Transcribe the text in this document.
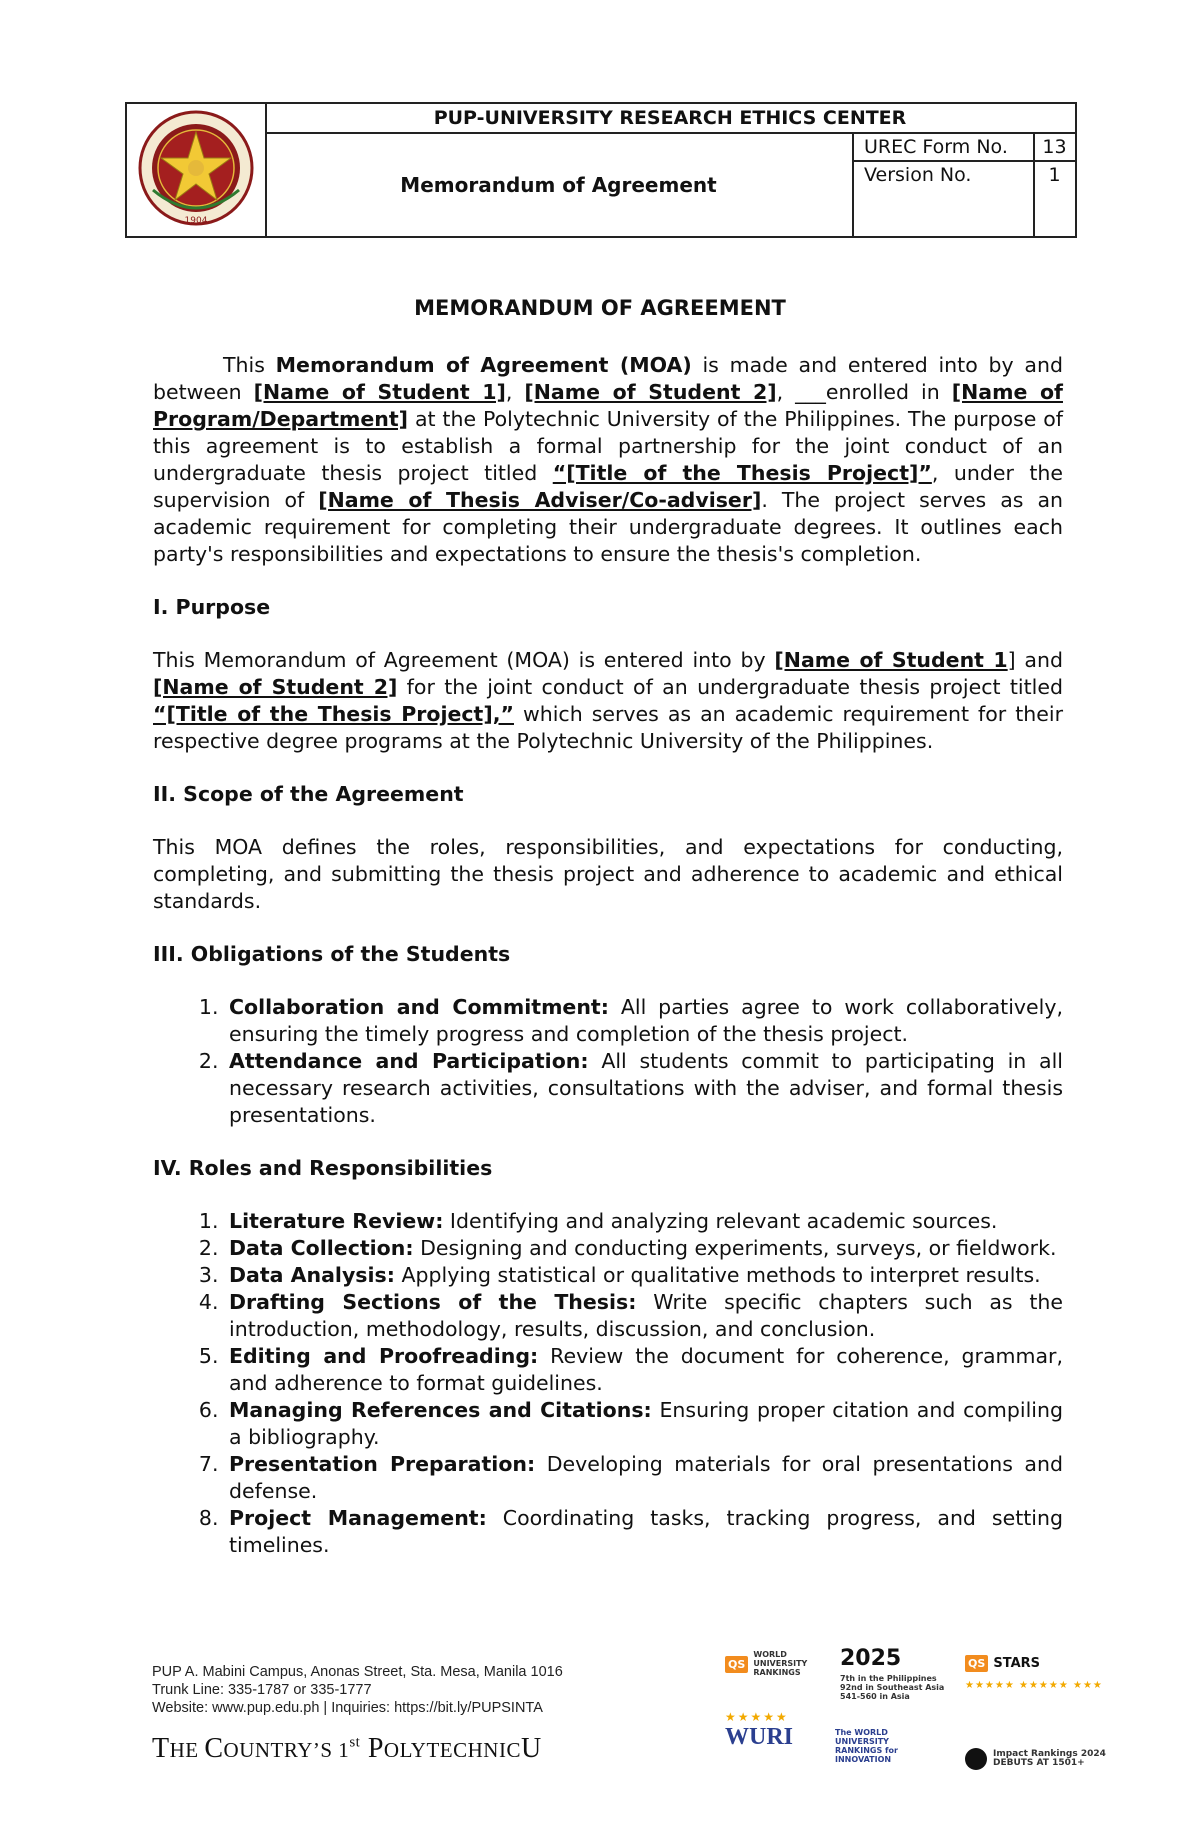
1904
PUP-UNIVERSITY RESEARCH ETHICS CENTER
Memorandum of Agreement
UREC Form No.	13
Version No.	1
MEMORANDUM OF AGREEMENT

This Memorandum of Agreement (MOA) is made and entered into by and between [Name of Student 1], [Name of Student 2], ___enrolled in [Name of Program/Department] at the Polytechnic University of the Philippines. The purpose of this agreement is to establish a formal partnership for the joint conduct of an undergraduate thesis project titled “[Title of the Thesis Project]”, under the supervision of [Name of Thesis Adviser/Co-adviser]. The project serves as an academic requirement for completing their undergraduate degrees. It outlines each party's responsibilities and expectations to ensure the thesis's completion.

I. Purpose

This Memorandum of Agreement (MOA) is entered into by [Name of Student 1] and [Name of Student 2] for the joint conduct of an undergraduate thesis project titled “[Title of the Thesis Project],” which serves as an academic requirement for their respective degree programs at the Polytechnic University of the Philippines.

II. Scope of the Agreement

This MOA defines the roles, responsibilities, and expectations for conducting, completing, and submitting the thesis project and adherence to academic and ethical standards.

III. Obligations of the Students
1. Collaboration and Commitment: All parties agree to work collaboratively, ensuring the timely progress and completion of the thesis project.
2. Attendance and Participation: All students commit to participating in all necessary research activities, consultations with the adviser, and formal thesis presentations.
IV. Roles and Responsibilities
1. Literature Review: Identifying and analyzing relevant academic sources.
2. Data Collection: Designing and conducting experiments, surveys, or fieldwork.
3. Data Analysis: Applying statistical or qualitative methods to interpret results.
4. Drafting Sections of the Thesis: Write specific chapters such as the introduction, methodology, results, discussion, and conclusion.
5. Editing and Proofreading: Review the document for coherence, grammar, and adherence to format guidelines.
6. Managing References and Citations: Ensuring proper citation and compiling a bibliography.
7. Presentation Preparation: Developing materials for oral presentations and defense.
8. Project Management: Coordinating tasks, tracking progress, and setting timelines.
PUP A. Mabini Campus, Anonas Street, Sta. Mesa, Manila 1016
Trunk Line: 335-1787 or 335-1777
Website: www.pup.edu.ph | Inquiries: https://bit.ly/PUPSINTA
THE COUNTRY’S 1st POLYTECHNICU
QS WORLD UNIVERSITY RANKINGS
2025
7th in the Philippines
92nd in Southeast Asia
541-560 in Asia
★★★★★
WURI	The WORLD UNIVERSITY RANKINGS for INNOVATION
QS STARS
★★★★★ ★★★★★ ★★★
Impact Rankings 2024
DEBUTS AT 1501+
